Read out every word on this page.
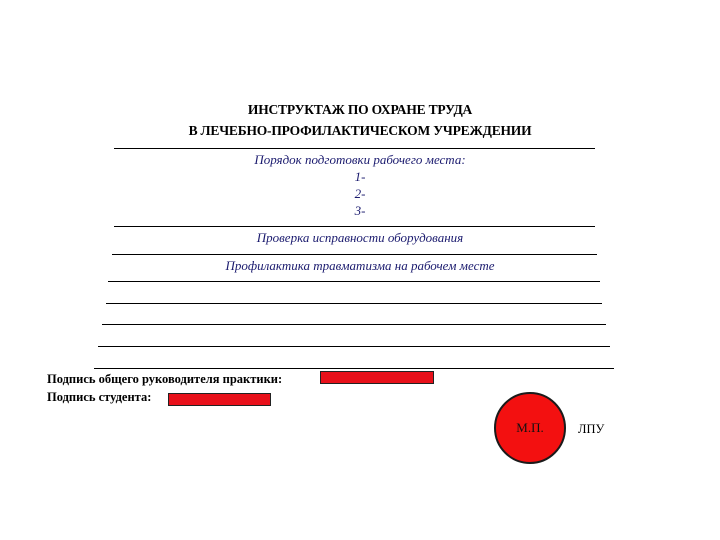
ИНСТРУКТАЖ ПО ОХРАНЕ ТРУДА
В ЛЕЧЕБНО-ПРОФИЛАКТИЧЕСКОМ УЧРЕЖДЕНИИ
Порядок подготовки рабочего места:
1-
2-
3-
Проверка исправности оборудования
Профилактика травматизма на рабочем месте
Подпись общего руководителя практики:
Подпись студента:
М.П.	ЛПУ
